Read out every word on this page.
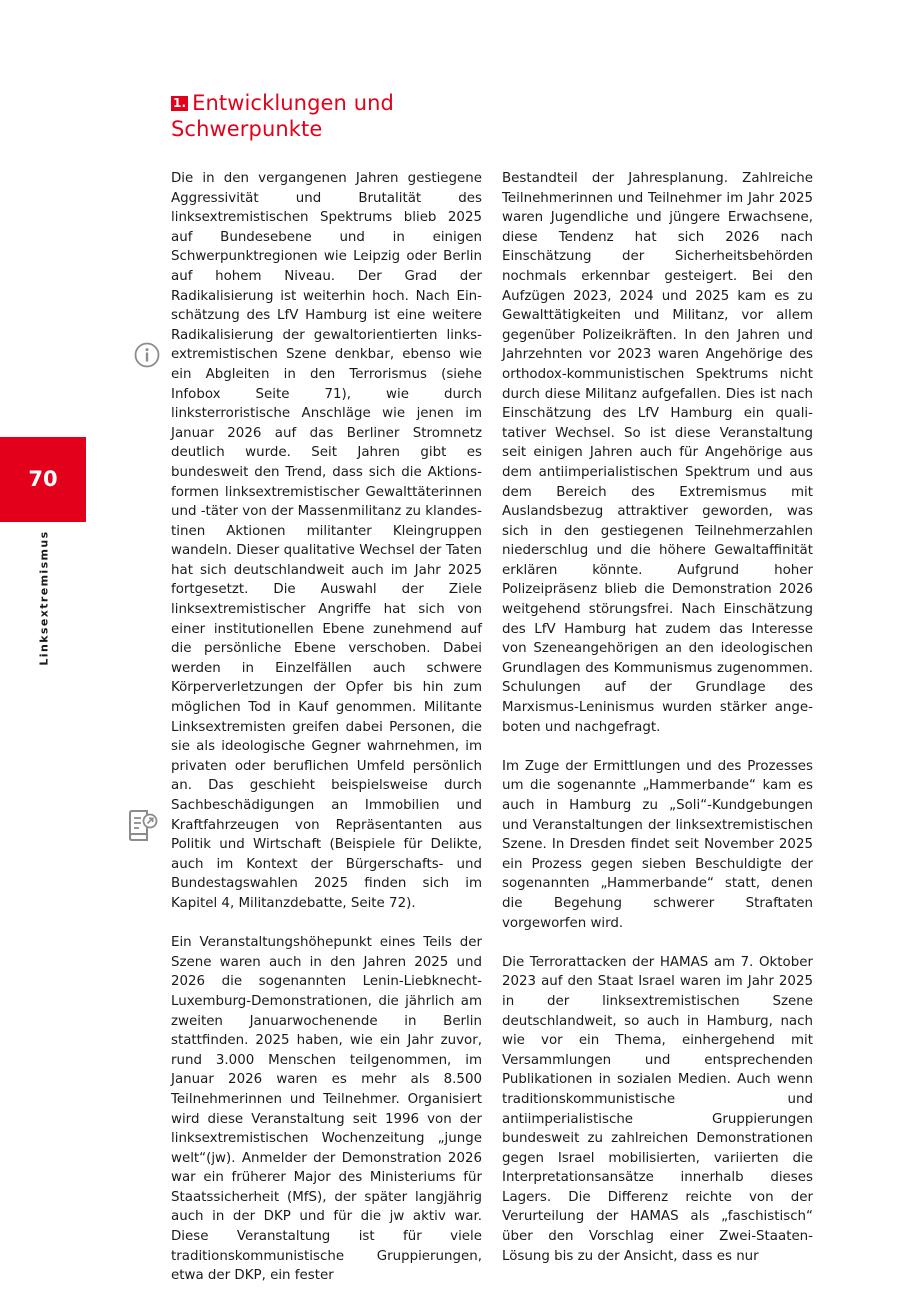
1. Entwicklungen und Schwerpunkte
70
Linksextremismus

Die in den vergangenen Jahren gestiegene Aggressivität und Brutalität des linksextremistischen Spektrums blieb 2025 auf Bundesebene und in einigen Schwerpunktregionen wie Leipzig oder Berlin auf hohem Niveau. Der Grad der Radikalisierung ist weiterhin hoch. Nach Einschätzung des LfV Hamburg ist eine weitere Radikalisierung der gewaltorientierten linksextremistischen Szene denkbar, ebenso wie ein Abgleiten in den Terrorismus (siehe Infobox Seite 71), wie durch linksterroristische Anschläge wie jenen im Januar 2026 auf das Berliner Stromnetz deutlich wurde. Seit Jahren gibt es bundesweit den Trend, dass sich die Aktionsformen linksextremistischer Gewalttäterinnen und -täter von der Massenmilitanz zu klandestinen Aktionen militanter Kleingruppen wandeln. Dieser qualitative Wechsel der Taten hat sich deutschlandweit auch im Jahr 2025 fortgesetzt. Die Auswahl der Ziele linksextremistischer Angriffe hat sich von einer institutionellen Ebene zunehmend auf die persönliche Ebene verschoben. Dabei werden in Einzelfällen auch schwere Körperverletzungen der Opfer bis hin zum möglichen Tod in Kauf genommen. Militante Linksextremisten greifen dabei Personen, die sie als ideologische Gegner wahrnehmen, im privaten oder beruflichen Umfeld persönlich an. Das geschieht beispielsweise durch Sachbeschädigungen an Immobilien und Kraftfahrzeugen von Repräsentanten aus Politik und Wirtschaft (Beispiele für Delikte, auch im Kontext der Bürgerschafts- und Bundestagswahlen 2025 finden sich im Kapitel 4, Militanzdebatte, Seite 72).

Ein Veranstaltungshöhepunkt eines Teils der Szene waren auch in den Jahren 2025 und 2026 die sogenannten Lenin-Liebknecht-Luxemburg-Demonstrationen, die jährlich am zweiten Januarwochenende in Berlin stattfinden. 2025 haben, wie ein Jahr zuvor, rund 3.000 Menschen teilgenommen, im Januar 2026 waren es mehr als 8.500 Teilnehmerinnen und Teilnehmer. Organisiert wird diese Veranstaltung seit 1996 von der linksextremistischen Wochenzeitung „junge welt“(jw). Anmelder der Demonstration 2026 war ein früherer Major des Ministeriums für Staatssicherheit (MfS), der später langjährig auch in der DKP und für die jw aktiv war. Diese Veranstaltung ist für viele traditionskommunistische Gruppierungen, etwa der DKP, ein fester

Bestandteil der Jahresplanung. Zahlreiche Teilnehmerinnen und Teilnehmer im Jahr 2025 waren Jugendliche und jüngere Erwachsene, diese Tendenz hat sich 2026 nach Einschätzung der Sicherheitsbehörden nochmals erkennbar gesteigert. Bei den Aufzügen 2023, 2024 und 2025 kam es zu Gewalttätigkeiten und Militanz, vor allem gegenüber Polizeikräften. In den Jahren und Jahrzehnten vor 2023 waren Angehörige des orthodox-kommunistischen Spektrums nicht durch diese Militanz aufgefallen. Dies ist nach Einschätzung des LfV Hamburg ein qualitativer Wechsel. So ist diese Veranstaltung seit einigen Jahren auch für Angehörige aus dem antiimperialistischen Spektrum und aus dem Bereich des Extremismus mit Auslandsbezug attraktiver geworden, was sich in den gestiegenen Teilnehmerzahlen niederschlug und die höhere Gewaltaffinität erklären könnte. Aufgrund hoher Polizeipräsenz blieb die Demonstration 2026 weitgehend störungsfrei. Nach Einschätzung des LfV Hamburg hat zudem das Interesse von Szeneangehörigen an den ideologischen Grundlagen des Kommunismus zugenommen. Schulungen auf der Grundlage des Marxismus-Leninismus wurden stärker angeboten und nachgefragt.

Im Zuge der Ermittlungen und des Prozesses um die sogenannte „Hammerbande“ kam es auch in Hamburg zu „Soli“-Kundgebungen und Veranstaltungen der linksextremistischen Szene. In Dresden findet seit November 2025 ein Prozess gegen sieben Beschuldigte der sogenannten „Hammerbande“ statt, denen die Begehung schwerer Straftaten vorgeworfen wird.

Die Terrorattacken der HAMAS am 7. Oktober 2023 auf den Staat Israel waren im Jahr 2025 in der linksextremistischen Szene deutschlandweit, so auch in Hamburg, nach wie vor ein Thema, einhergehend mit Versammlungen und entsprechenden Publikationen in sozialen Medien. Auch wenn traditionskommunistische und antiimperialistische Gruppierungen bundesweit zu zahlreichen Demonstrationen gegen Israel mobilisierten, variierten die Interpretationsansätze innerhalb dieses Lagers. Die Differenz reichte von der Verurteilung der HAMAS als „faschistisch“ über den Vorschlag einer Zwei-Staaten-Lösung bis zu der Ansicht, dass es nur
